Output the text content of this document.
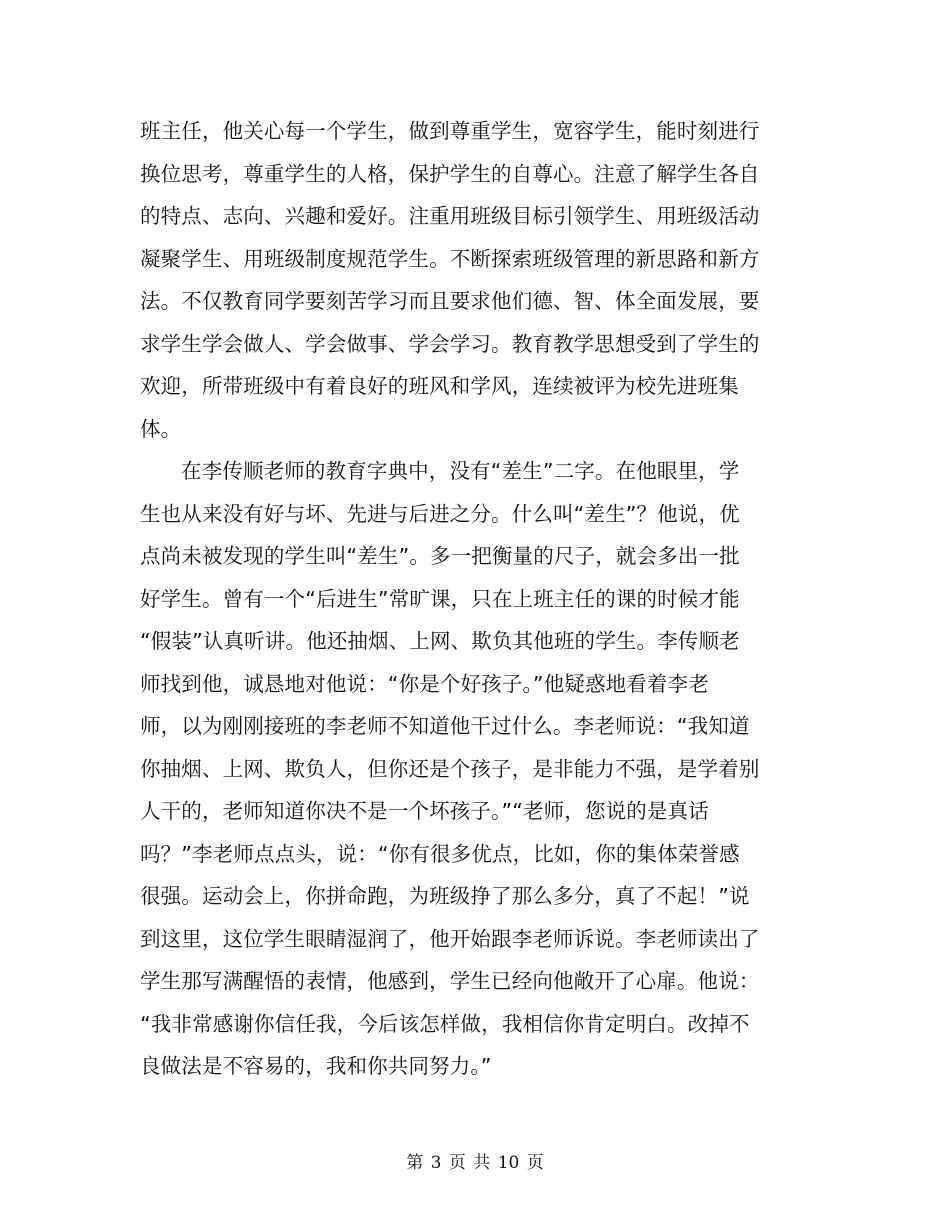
班主任，他关心每一个学生，做到尊重学生，宽容学生，能时刻进行
换位思考，尊重学生的人格，保护学生的自尊心。注意了解学生各自
的特点、志向、兴趣和爱好。注重用班级目标引领学生、用班级活动
凝聚学生、用班级制度规范学生。不断探索班级管理的新思路和新方
法。不仅教育同学要刻苦学习而且要求他们德、智、体全面发展，要
求学生学会做人、学会做事、学会学习。教育教学思想受到了学生的
欢迎，所带班级中有着良好的班风和学风，连续被评为校先进班集
体。
在李传顺老师的教育字典中，没有“差生”二字。在他眼里，学
生也从来没有好与坏、先进与后进之分。什么叫“差生”？他说，优
点尚未被发现的学生叫“差生”。多一把衡量的尺子，就会多出一批
好学生。曾有一个“后进生”常旷课，只在上班主任的课的时候才能
“假装”认真听讲。他还抽烟、上网、欺负其他班的学生。李传顺老
师找到他，诚恳地对他说：“你是个好孩子。”他疑惑地看着李老
师，以为刚刚接班的李老师不知道他干过什么。李老师说：“我知道
你抽烟、上网、欺负人，但你还是个孩子，是非能力不强，是学着别
人干的，老师知道你决不是一个坏孩子。”“老师，您说的是真话
吗？”李老师点点头，说：“你有很多优点，比如，你的集体荣誉感
很强。运动会上，你拼命跑，为班级挣了那么多分，真了不起！”说
到这里，这位学生眼睛湿润了，他开始跟李老师诉说。李老师读出了
学生那写满醒悟的表情，他感到，学生已经向他敞开了心扉。他说：
“我非常感谢你信任我，今后该怎样做，我相信你肯定明白。改掉不
良做法是不容易的，我和你共同努力。”
第 3 页 共 10 页
